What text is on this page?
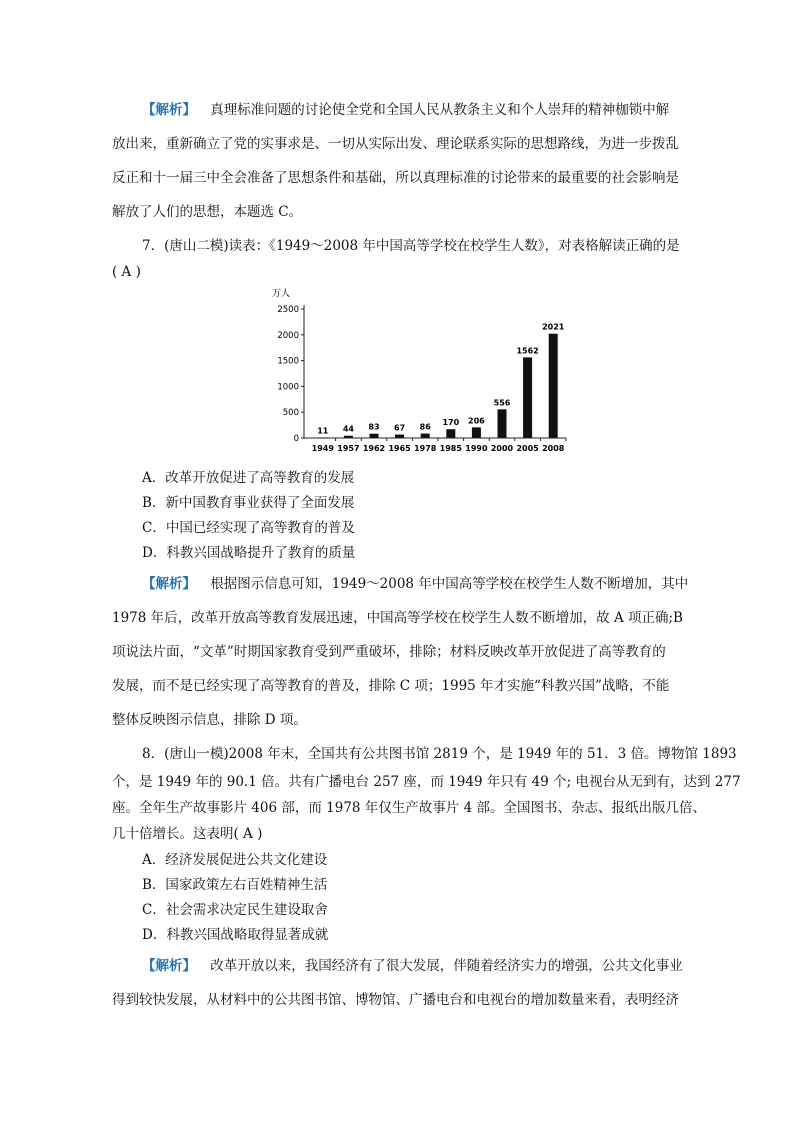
【解析】 真理标准问题的讨论使全党和全国人民从教条主义和个人崇拜的精神枷锁中解
放出来，重新确立了党的实事求是、一切从实际出发、理论联系实际的思想路线，为进一步拨乱
反正和十一届三中全会准备了思想条件和基础，所以真理标准的讨论带来的最重要的社会影响是
解放了人们的思想，本题选 C。
7．(唐山二模)读表：《1949～2008 年中国高等学校在校学生人数》，对表格解读正确的是
( A )
万人
0
500
1000
1500
2000
2500
11 44 83 67 86 170 206
556
1562
2021
1949 1957 1962 1965 1978 1985 1990 2000 2005 2008
A．改革开放促进了高等教育的发展
B．新中国教育事业获得了全面发展
C．中国已经实现了高等教育的普及
D．科教兴国战略提升了教育的质量
【解析】 根据图示信息可知，1949～2008 年中国高等学校在校学生人数不断增加，其中
1978 年后，改革开放高等教育发展迅速，中国高等学校在校学生人数不断增加，故 A 项正确;B
项说法片面，“文革”时期国家教育受到严重破坏，排除；材料反映改革开放促进了高等教育的
发展，而不是已经实现了高等教育的普及，排除 C 项；1995 年才实施“科教兴国”战略，不能
整体反映图示信息，排除 D 项。
8．(唐山一模)2008 年末，全国共有公共图书馆 2819 个，是 1949 年的 51．3 倍。博物馆 1893
个，是 1949 年的 90.1 倍。共有广播电台 257 座，而 1949 年只有 49 个; 电视台从无到有，达到 277
座。全年生产故事影片 406 部，而 1978 年仅生产故事片 4 部。全国图书、杂志、报纸出版几倍、
几十倍增长。这表明( A )
A．经济发展促进公共文化建设
B．国家政策左右百姓精神生活
C．社会需求决定民生建设取舍
D．科教兴国战略取得显著成就
【解析】 改革开放以来，我国经济有了很大发展，伴随着经济实力的增强，公共文化事业
得到较快发展，从材料中的公共图书馆、博物馆、广播电台和电视台的增加数量来看，表明经济
